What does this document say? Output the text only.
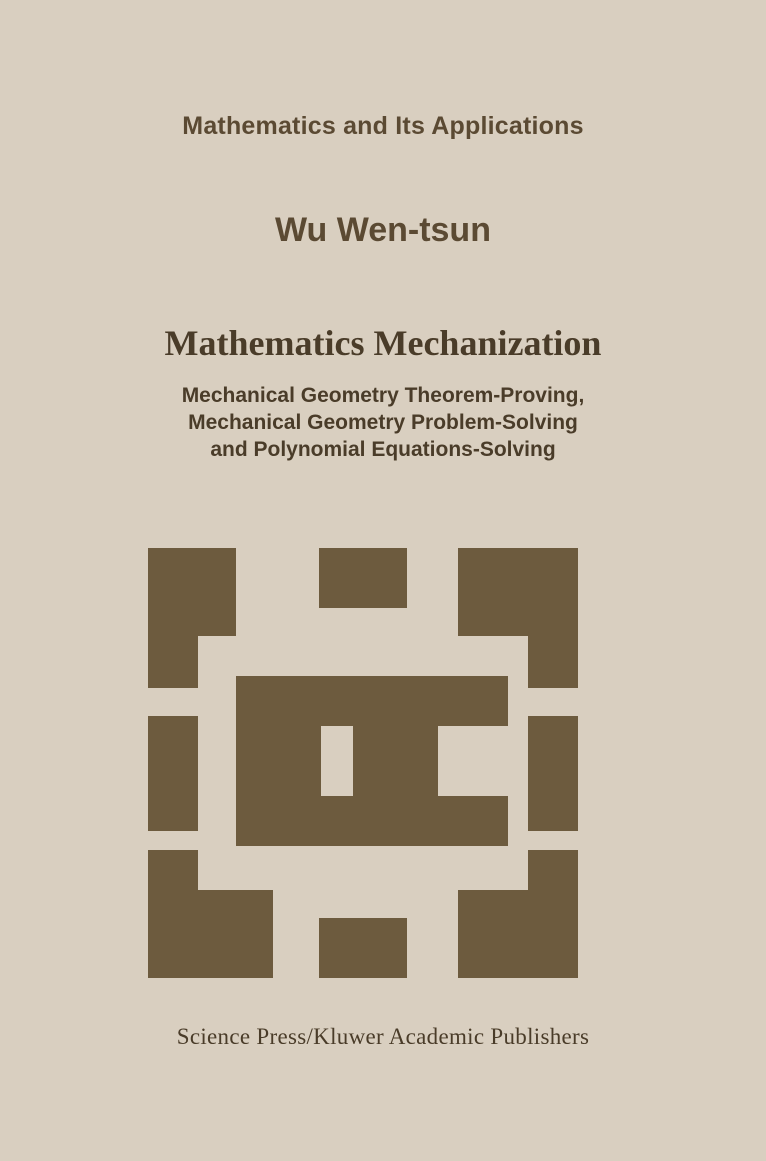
Mathematics and Its Applications
Wu Wen-tsun
Mathematics Mechanization
Mechanical Geometry Theorem-Proving,
Mechanical Geometry Problem-Solving
and Polynomial Equations-Solving
Science Press/Kluwer Academic Publishers
